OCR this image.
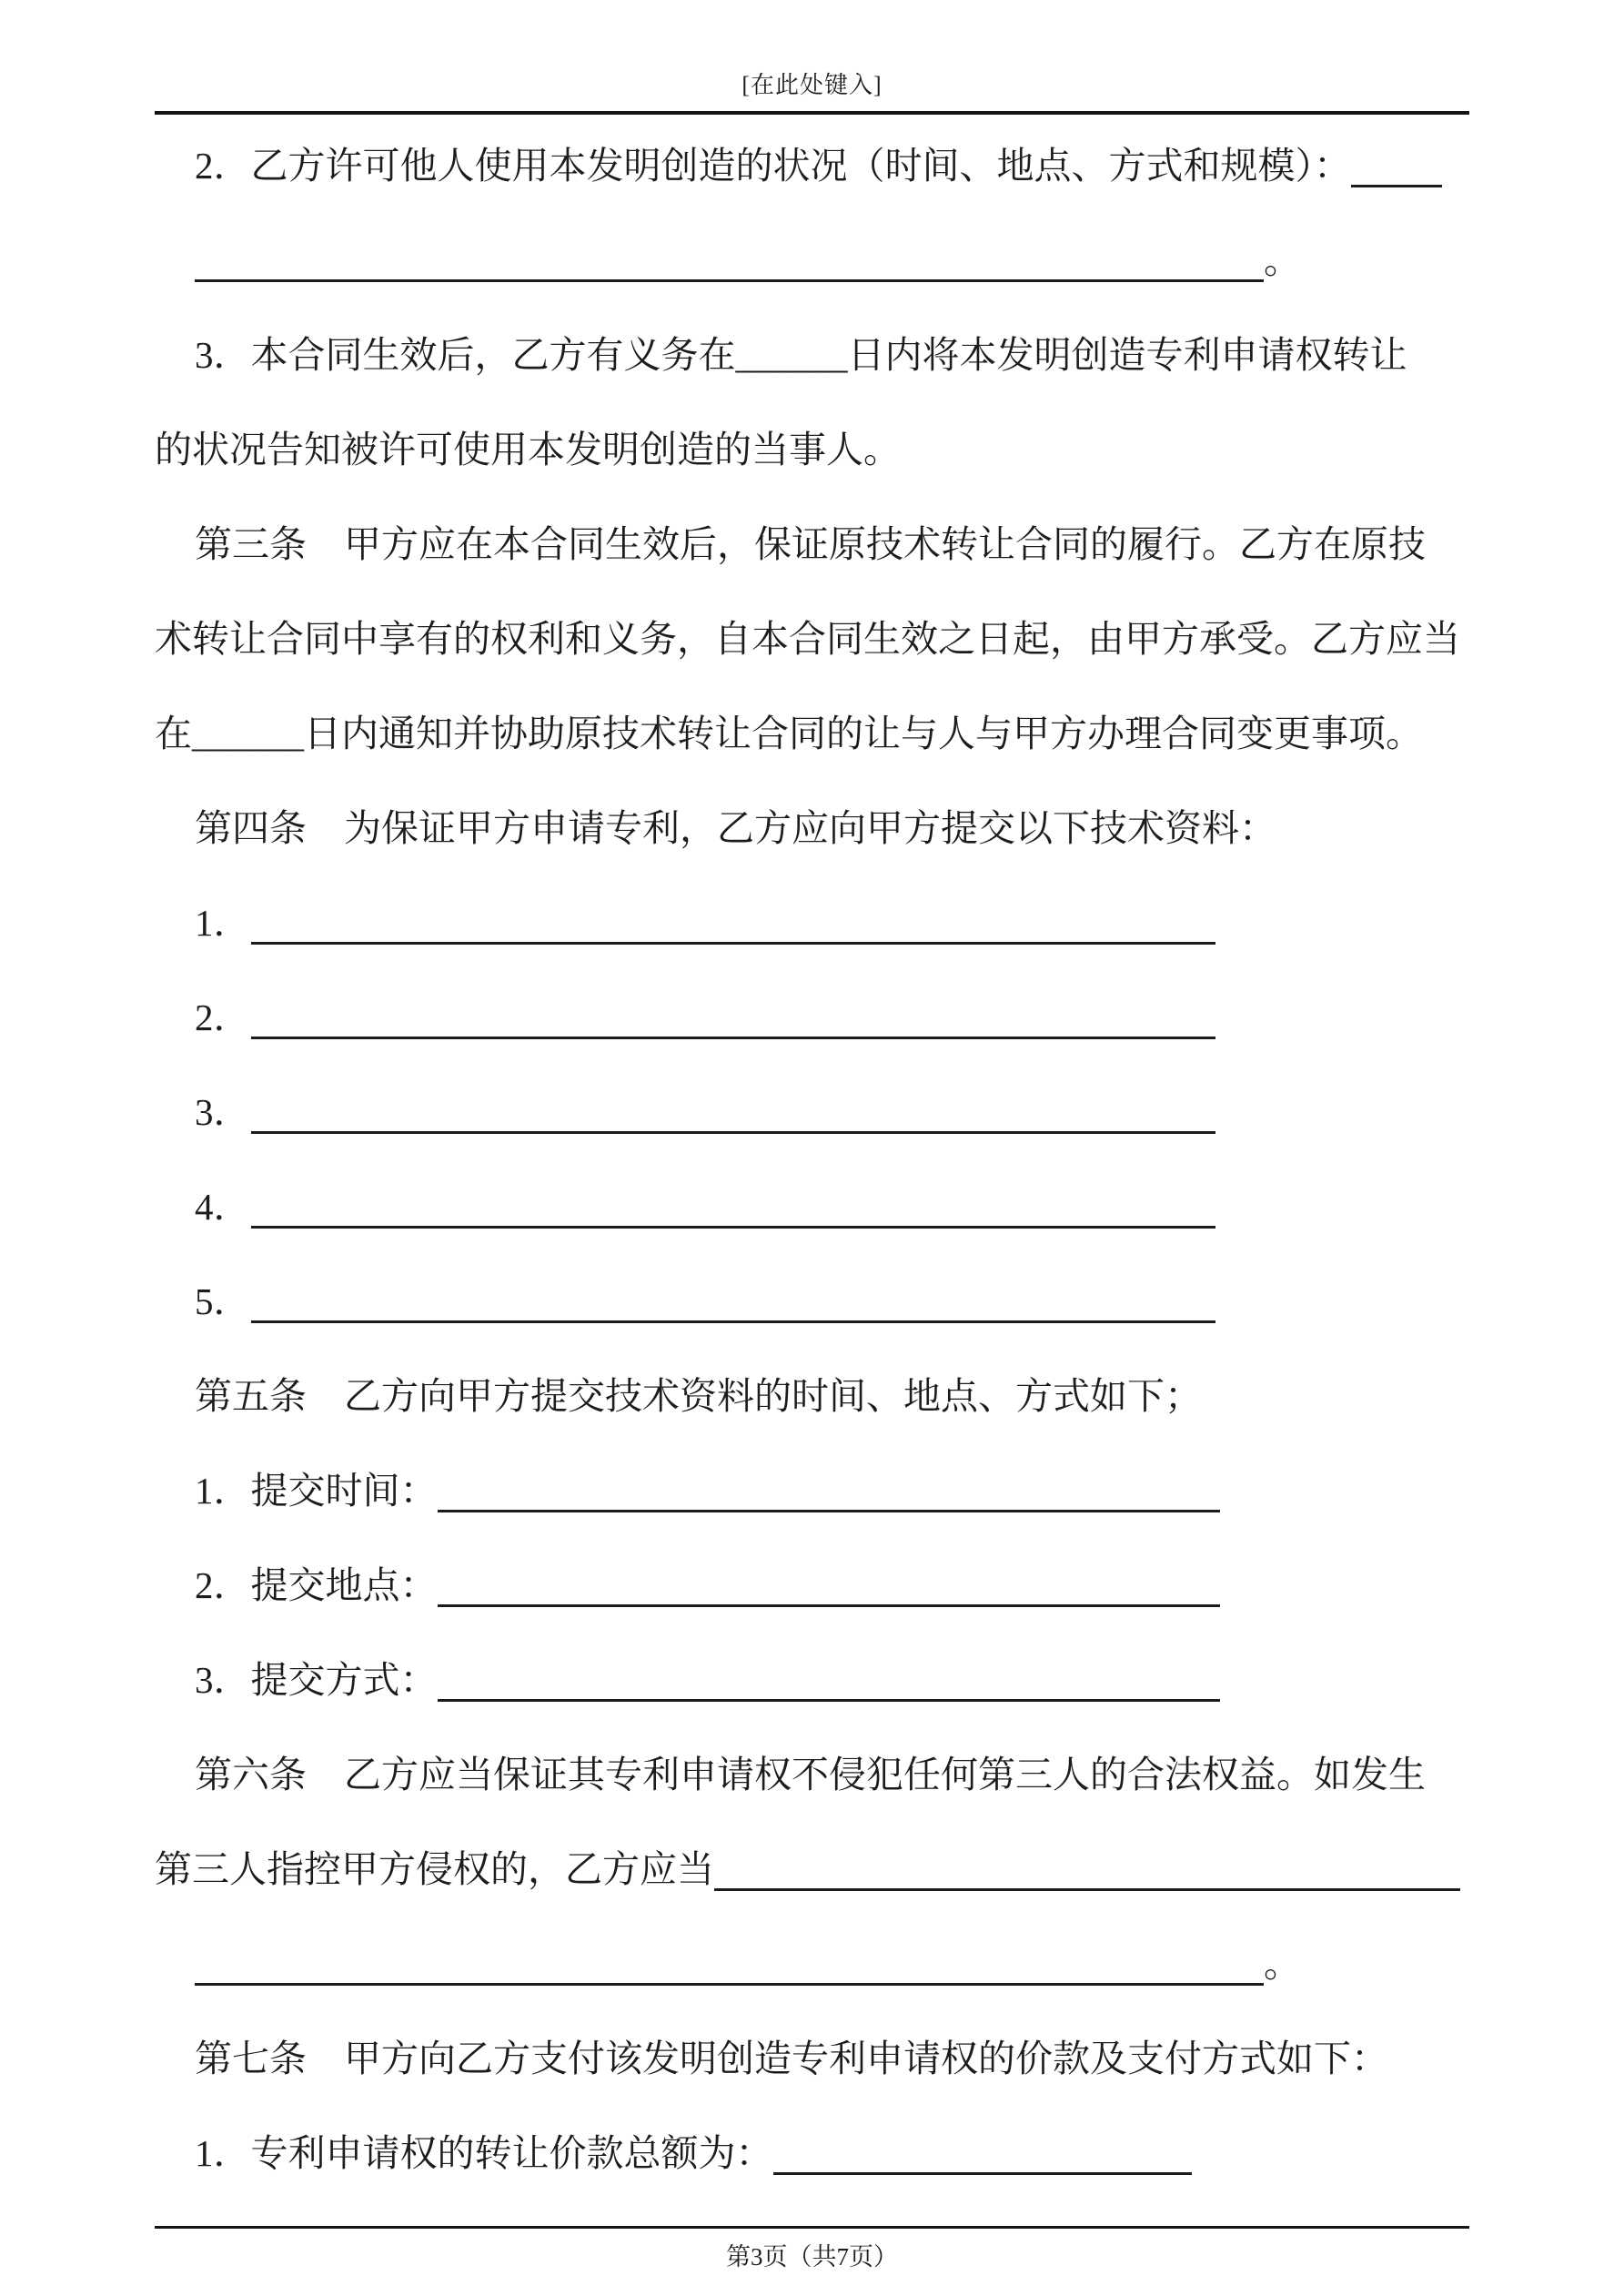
[在此处键入]
2．乙方许可他人使用本发明创造的状况（时间、地点、方式和规模）：
。
3．本合同生效后，乙方有义务在______日内将本发明创造专利申请权转让
的状况告知被许可使用本发明创造的当事人。
第三条　甲方应在本合同生效后，保证原技术转让合同的履行。乙方在原技
术转让合同中享有的权利和义务，自本合同生效之日起，由甲方承受。乙方应当
在______日内通知并协助原技术转让合同的让与人与甲方办理合同变更事项。
第四条　为保证甲方申请专利，乙方应向甲方提交以下技术资料：
1．
2．
3．
4．
5．
第五条　乙方向甲方提交技术资料的时间、地点、方式如下；
1．提交时间：
2．提交地点：
3．提交方式：
第六条　乙方应当保证其专利申请权不侵犯任何第三人的合法权益。如发生
第三人指控甲方侵权的，乙方应当
。
第七条　甲方向乙方支付该发明创造专利申请权的价款及支付方式如下：
1．专利申请权的转让价款总额为：
第3页（共7页）
